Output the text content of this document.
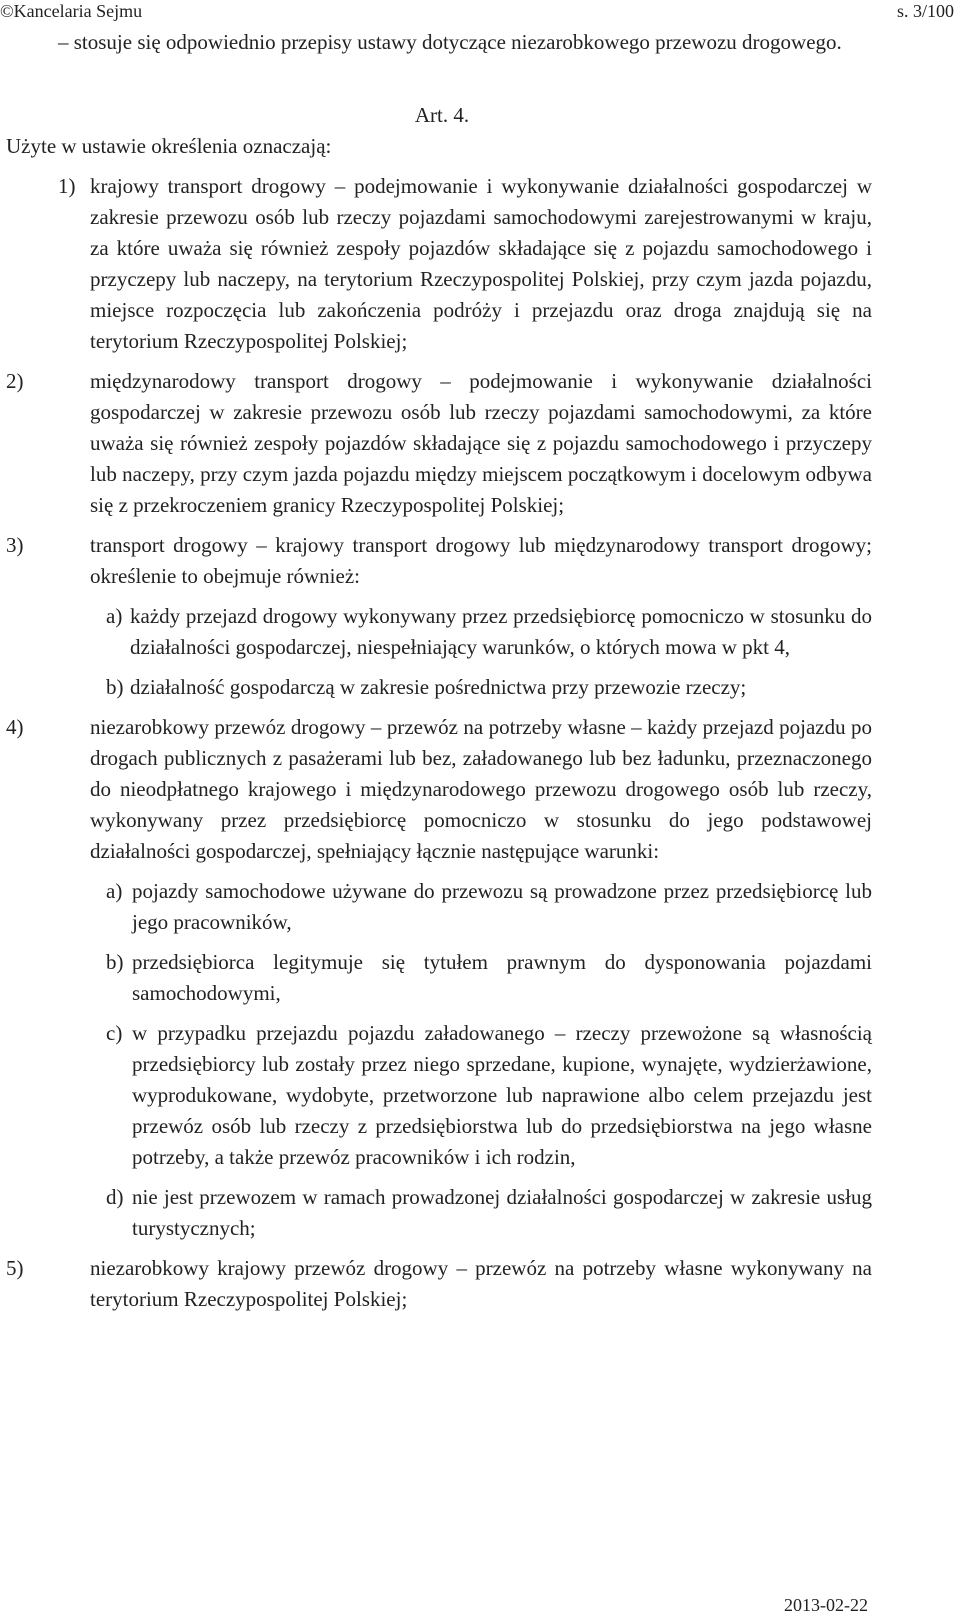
©Kancelaria Sejmu	s. 3/100

– stosuje się odpowiednio przepisy ustawy dotyczące niezarobkowego przewozu drogowego.

Art. 4.

Użyte w ustawie określenia oznaczają:

1) krajowy transport drogowy – podejmowanie i wykonywanie działalności gospodarczej w zakresie przewozu osób lub rzeczy pojazdami samochodowymi zarejestrowanymi w kraju, za które uważa się również zespoły pojazdów składające się z pojazdu samochodowego i przyczepy lub naczepy, na terytorium Rzeczypospolitej Polskiej, przy czym jazda pojazdu, miejsce rozpoczęcia lub zakończenia podróży i przejazdu oraz droga znajdują się na terytorium Rzeczypospolitej Polskiej;
2)	międzynarodowy transport drogowy – podejmowanie i wykonywanie działalności gospodarczej w zakresie przewozu osób lub rzeczy pojazdami samochodowymi, za które uważa się również zespoły pojazdów składające się z pojazdu samochodowego i przyczepy lub naczepy, przy czym jazda pojazdu między miejscem początkowym i docelowym odbywa się z przekroczeniem granicy Rzeczypospolitej Polskiej;
3)	transport drogowy – krajowy transport drogowy lub międzynarodowy transport drogowy; określenie to obejmuje również:
a) każdy przejazd drogowy wykonywany przez przedsiębiorcę pomocniczo w stosunku do działalności gospodarczej, niespełniający warunków, o których mowa w pkt 4,
b) działalność gospodarczą w zakresie pośrednictwa przy przewozie rzeczy;
4)	niezarobkowy przewóz drogowy – przewóz na potrzeby własne – każdy przejazd pojazdu po drogach publicznych z pasażerami lub bez, załadowanego lub bez ładunku, przeznaczonego do nieodpłatnego krajowego i międzynarodowego przewozu drogowego osób lub rzeczy, wykonywany przez przedsiębiorcę pomocniczo w stosunku do jego podstawowej działalności gospodarczej, spełniający łącznie następujące warunki:
a) pojazdy samochodowe używane do przewozu są prowadzone przez przedsiębiorcę lub jego pracowników,
b) przedsiębiorca legitymuje się tytułem prawnym do dysponowania pojazdami samochodowymi,
c) w przypadku przejazdu pojazdu załadowanego – rzeczy przewożone są własnością przedsiębiorcy lub zostały przez niego sprzedane, kupione, wynajęte, wydzierżawione, wyprodukowane, wydobyte, przetworzone lub naprawione albo celem przejazdu jest przewóz osób lub rzeczy z przedsiębiorstwa lub do przedsiębiorstwa na jego własne potrzeby, a także przewóz pracowników i ich rodzin,
d) nie jest przewozem w ramach prowadzonej działalności gospodarczej w zakresie usług turystycznych;
5)	niezarobkowy krajowy przewóz drogowy – przewóz na potrzeby własne wykonywany na terytorium Rzeczypospolitej Polskiej;
2013-02-22
